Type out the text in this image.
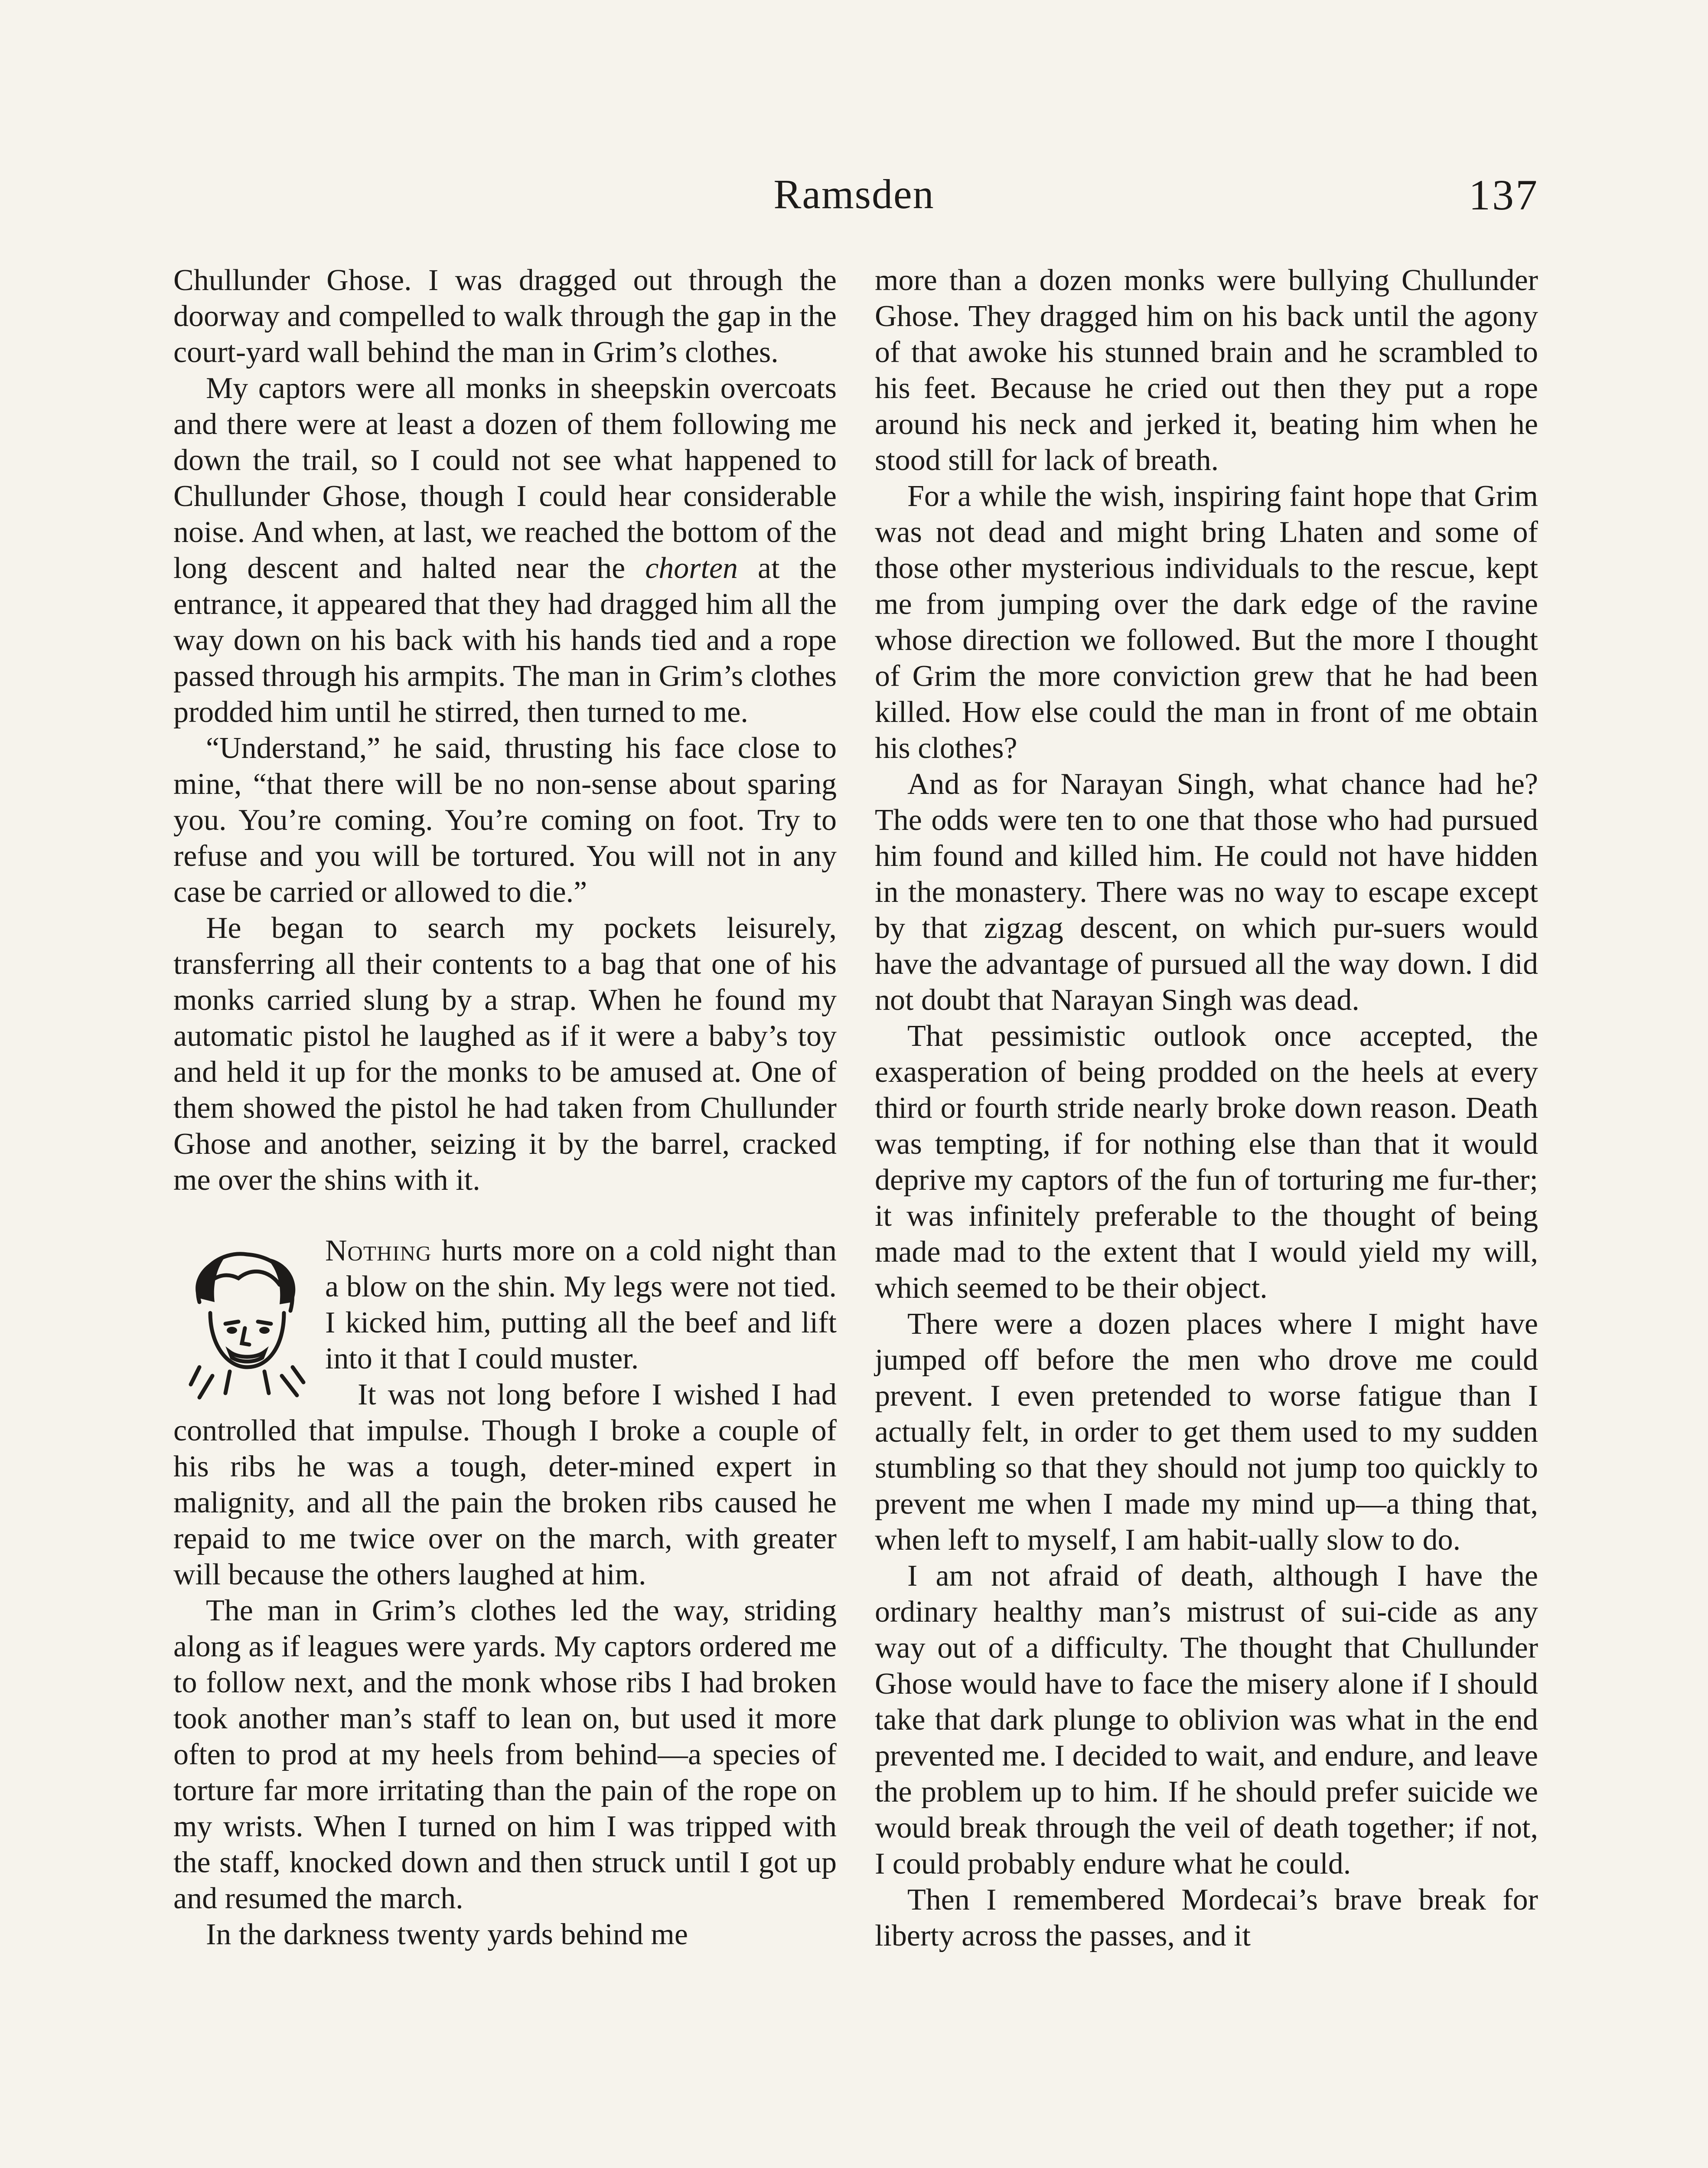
Ramsden	137

Chullunder Ghose. I was dragged out through the doorway and compelled to walk through the gap in the court-yard wall behind the man in Grim’s clothes.

My captors were all monks in sheepskin overcoats and there were at least a dozen of them following me down the trail, so I could not see what happened to Chullunder Ghose, though I could hear considerable noise. And when, at last, we reached the bottom of the long descent and halted near the chorten at the entrance, it appeared that they had dragged him all the way down on his back with his hands tied and a rope passed through his armpits. The man in Grim’s clothes prodded him until he stirred, then turned to me.

“Understand,” he said, thrusting his face close to mine, “that there will be no non-sense about sparing you. You’re coming. You’re coming on foot. Try to refuse and you will be tortured. You will not in any case be carried or allowed to die.”

He began to search my pockets leisurely, transferring all their contents to a bag that one of his monks carried slung by a strap. When he found my automatic pistol he laughed as if it were a baby’s toy and held it up for the monks to be amused at. One of them showed the pistol he had taken from Chullunder Ghose and another, seizing it by the barrel, cracked me over the shins with it.

Nothing hurts more on a cold night than a blow on the shin. My legs were not tied. I kicked him, putting all the beef and lift into it that I could muster.

It was not long before I wished I had controlled that impulse. Though I broke a couple of his ribs he was a tough, deter-mined expert in malignity, and all the pain the broken ribs caused he repaid to me twice over on the march, with greater will because the others laughed at him.

The man in Grim’s clothes led the way, striding along as if leagues were yards. My captors ordered me to follow next, and the monk whose ribs I had broken took another man’s staff to lean on, but used it more often to prod at my heels from behind—a species of torture far more irritating than the pain of the rope on my wrists. When I turned on him I was tripped with the staff, knocked down and then struck until I got up and resumed the march.

In the darkness twenty yards behind me

more than a dozen monks were bullying Chullunder Ghose. They dragged him on his back until the agony of that awoke his stunned brain and he scrambled to his feet. Because he cried out then they put a rope around his neck and jerked it, beating him when he stood still for lack of breath.

For a while the wish, inspiring faint hope that Grim was not dead and might bring Lhaten and some of those other mysterious individuals to the rescue, kept me from jumping over the dark edge of the ravine whose direction we followed. But the more I thought of Grim the more conviction grew that he had been killed. How else could the man in front of me obtain his clothes?

And as for Narayan Singh, what chance had he? The odds were ten to one that those who had pursued him found and killed him. He could not have hidden in the monastery. There was no way to escape except by that zigzag descent, on which pur-suers would have the advantage of pursued all the way down. I did not doubt that Narayan Singh was dead.

That pessimistic outlook once accepted, the exasperation of being prodded on the heels at every third or fourth stride nearly broke down reason. Death was tempting, if for nothing else than that it would deprive my captors of the fun of torturing me fur-ther; it was infinitely preferable to the thought of being made mad to the extent that I would yield my will, which seemed to be their object.

There were a dozen places where I might have jumped off before the men who drove me could prevent. I even pretended to worse fatigue than I actually felt, in order to get them used to my sudden stumbling so that they should not jump too quickly to prevent me when I made my mind up—a thing that, when left to myself, I am habit-ually slow to do.

I am not afraid of death, although I have the ordinary healthy man’s mistrust of sui-cide as any way out of a difficulty. The thought that Chullunder Ghose would have to face the misery alone if I should take that dark plunge to oblivion was what in the end prevented me. I decided to wait, and endure, and leave the problem up to him. If he should prefer suicide we would break through the veil of death together; if not, I could probably endure what he could.

Then I remembered Mordecai’s brave break for liberty across the passes, and it
